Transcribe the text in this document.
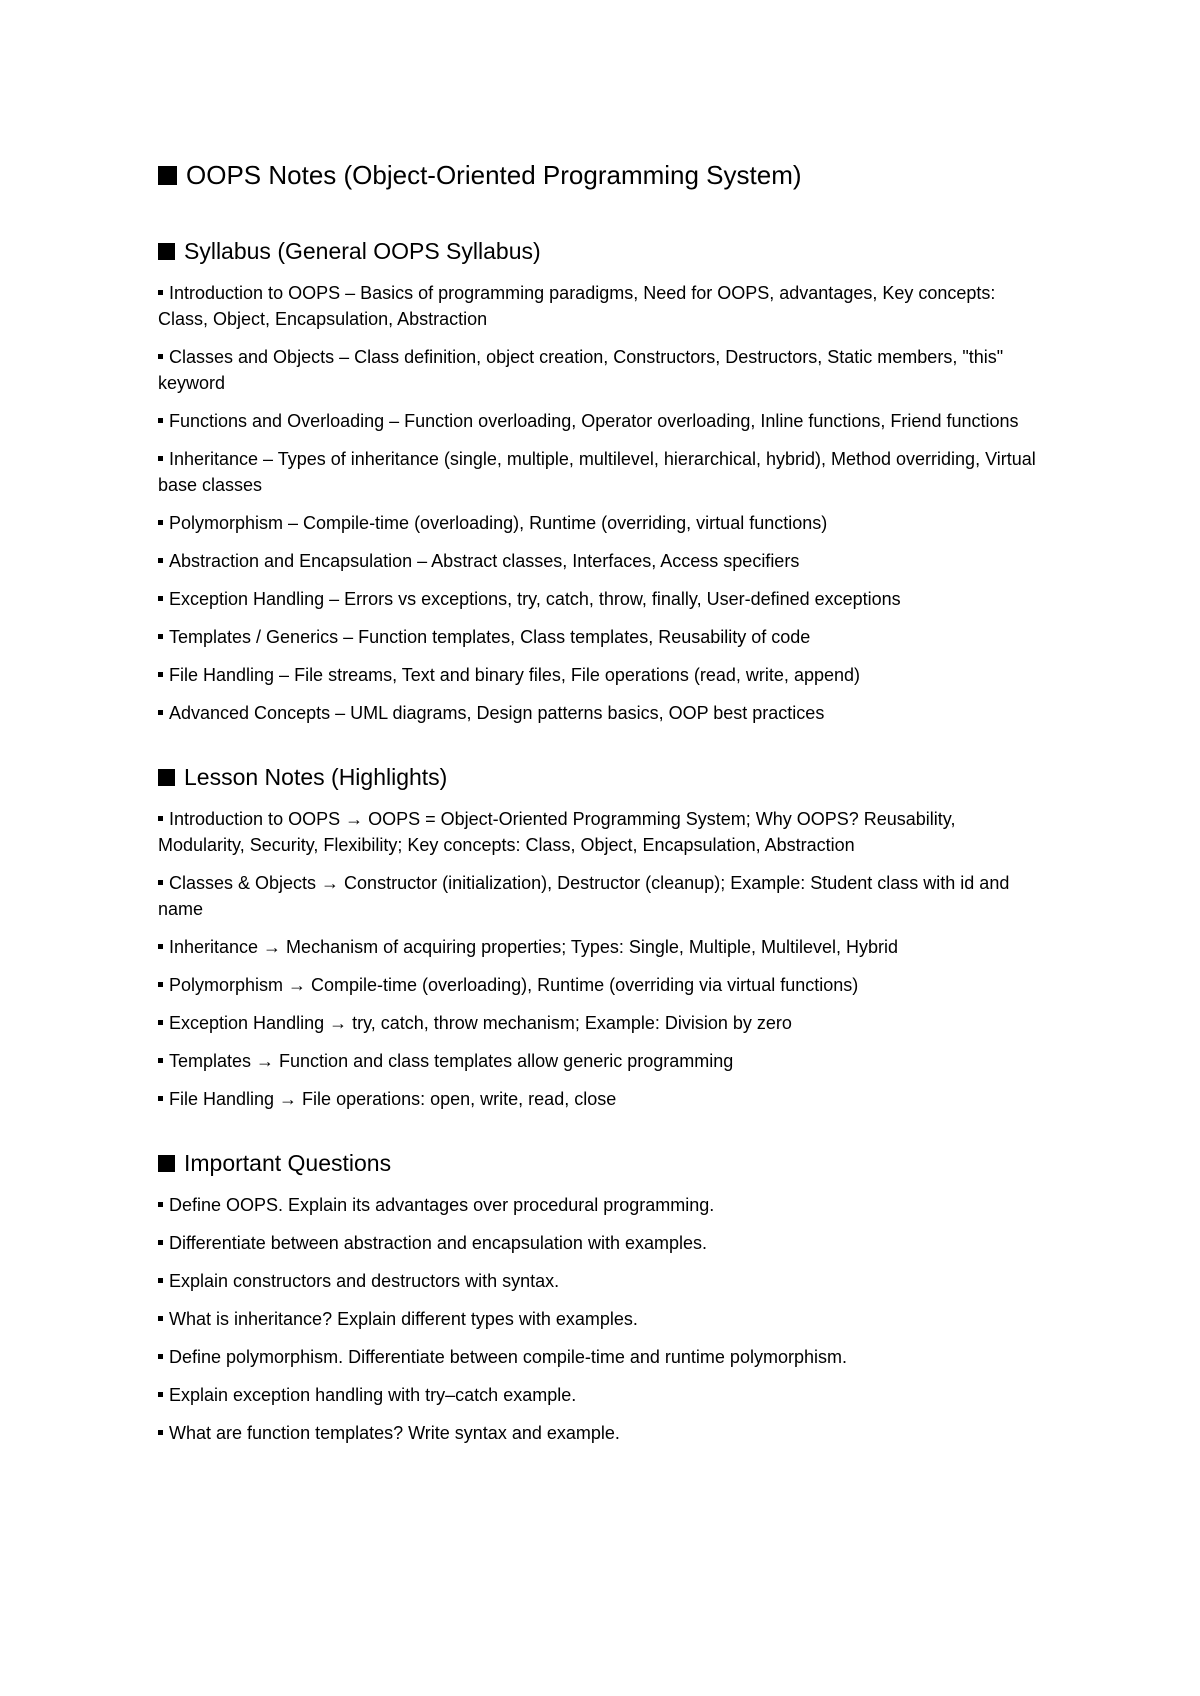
OOPS Notes (Object-Oriented Programming System)
Syllabus (General OOPS Syllabus)
Introduction to OOPS – Basics of programming paradigms, Need for OOPS, advantages, Key concepts: Class, Object, Encapsulation, Abstraction
Classes and Objects – Class definition, object creation, Constructors, Destructors, Static members, "this" keyword
Functions and Overloading – Function overloading, Operator overloading, Inline functions, Friend functions
Inheritance – Types of inheritance (single, multiple, multilevel, hierarchical, hybrid), Method overriding, Virtual base classes
Polymorphism – Compile-time (overloading), Runtime (overriding, virtual functions)
Abstraction and Encapsulation – Abstract classes, Interfaces, Access specifiers
Exception Handling – Errors vs exceptions, try, catch, throw, finally, User-defined exceptions
Templates / Generics – Function templates, Class templates, Reusability of code
File Handling – File streams, Text and binary files, File operations (read, write, append)
Advanced Concepts – UML diagrams, Design patterns basics, OOP best practices
Lesson Notes (Highlights)
Introduction to OOPS → OOPS = Object-Oriented Programming System; Why OOPS? Reusability, Modularity, Security, Flexibility; Key concepts: Class, Object, Encapsulation, Abstraction
Classes & Objects → Constructor (initialization), Destructor (cleanup); Example: Student class with id and name
Inheritance → Mechanism of acquiring properties; Types: Single, Multiple, Multilevel, Hybrid
Polymorphism → Compile-time (overloading), Runtime (overriding via virtual functions)
Exception Handling → try, catch, throw mechanism; Example: Division by zero
Templates → Function and class templates allow generic programming
File Handling → File operations: open, write, read, close
Important Questions
Define OOPS. Explain its advantages over procedural programming.
Differentiate between abstraction and encapsulation with examples.
Explain constructors and destructors with syntax.
What is inheritance? Explain different types with examples.
Define polymorphism. Differentiate between compile-time and runtime polymorphism.
Explain exception handling with try–catch example.
What are function templates? Write syntax and example.
